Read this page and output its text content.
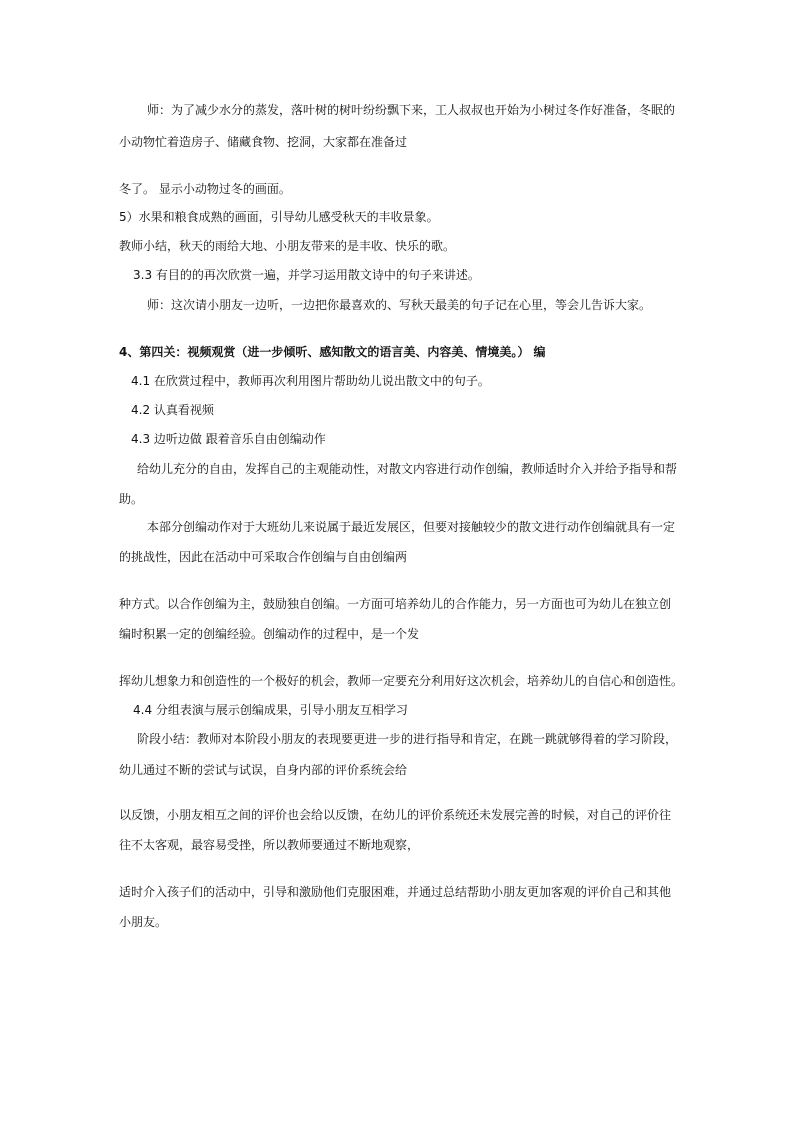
师：为了减少水分的蒸发，落叶树的树叶纷纷飘下来，工人叔叔也开始为小树过冬作好准备，冬眠的
小动物忙着造房子、储藏食物、挖洞，大家都在准备过
冬了。 显示小动物过冬的画面。
5）水果和粮食成熟的画面，引导幼儿感受秋天的丰收景象。
教师小结，秋天的雨给大地、小朋友带来的是丰收、快乐的歌。
3.3 有目的的再次欣赏一遍，并学习运用散文诗中的句子来讲述。
师：这次请小朋友一边听，一边把你最喜欢的、写秋天最美的句子记在心里，等会儿告诉大家。
4、第四关：视频观赏（进一步倾听、感知散文的语言美、内容美、情境美。） 编
4.1 在欣赏过程中，教师再次利用图片帮助幼儿说出散文中的句子。
4.2 认真看视频
4.3 边听边做 跟着音乐自由创编动作
给幼儿充分的自由，发挥自己的主观能动性，对散文内容进行动作创编，教师适时介入并给予指导和帮
助。
本部分创编动作对于大班幼儿来说属于最近发展区，但要对接触较少的散文进行动作创编就具有一定
的挑战性，因此在活动中可采取合作创编与自由创编两
种方式。以合作创编为主，鼓励独自创编。一方面可培养幼儿的合作能力，另一方面也可为幼儿在独立创
编时积累一定的创编经验。创编动作的过程中，是一个发
挥幼儿想象力和创造性的一个极好的机会，教师一定要充分利用好这次机会，培养幼儿的自信心和创造性。
4.4 分组表演与展示创编成果，引导小朋友互相学习
阶段小结：教师对本阶段小朋友的表现要更进一步的进行指导和肯定，在跳一跳就够得着的学习阶段，
幼儿通过不断的尝试与试误，自身内部的评价系统会给
以反馈，小朋友相互之间的评价也会给以反馈，在幼儿的评价系统还未发展完善的时候，对自己的评价往
往不太客观，最容易受挫，所以教师要通过不断地观察，
适时介入孩子们的活动中，引导和激励他们克服困难，并通过总结帮助小朋友更加客观的评价自己和其他
小朋友。
